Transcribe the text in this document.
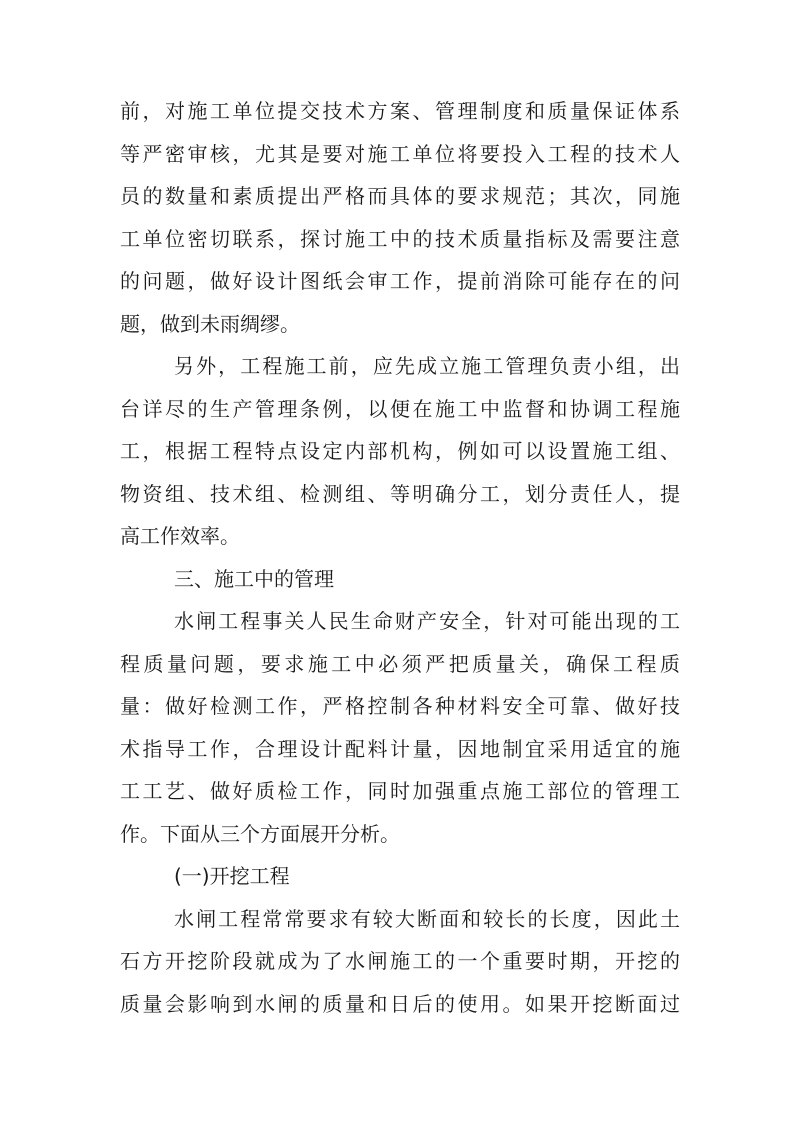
前，对施工单位提交技术方案、管理制度和质量保证体系
等严密审核，尤其是要对施工单位将要投入工程的技术人
员的数量和素质提出严格而具体的要求规范；其次，同施
工单位密切联系，探讨施工中的技术质量指标及需要注意
的问题，做好设计图纸会审工作，提前消除可能存在的问
题，做到未雨绸缪。
另外，工程施工前，应先成立施工管理负责小组，出
台详尽的生产管理条例，以便在施工中监督和协调工程施
工，根据工程特点设定内部机构，例如可以设置施工组、
物资组、技术组、检测组、等明确分工，划分责任人，提
高工作效率。
三、施工中的管理
水闸工程事关人民生命财产安全，针对可能出现的工
程质量问题，要求施工中必须严把质量关，确保工程质
量：做好检测工作，严格控制各种材料安全可靠、做好技
术指导工作，合理设计配料计量，因地制宜采用适宜的施
工工艺、做好质检工作，同时加强重点施工部位的管理工
作。下面从三个方面展开分析。
(一)开挖工程
水闸工程常常要求有较大断面和较长的长度，因此土
石方开挖阶段就成为了水闸施工的一个重要时期，开挖的
质量会影响到水闸的质量和日后的使用。如果开挖断面过
